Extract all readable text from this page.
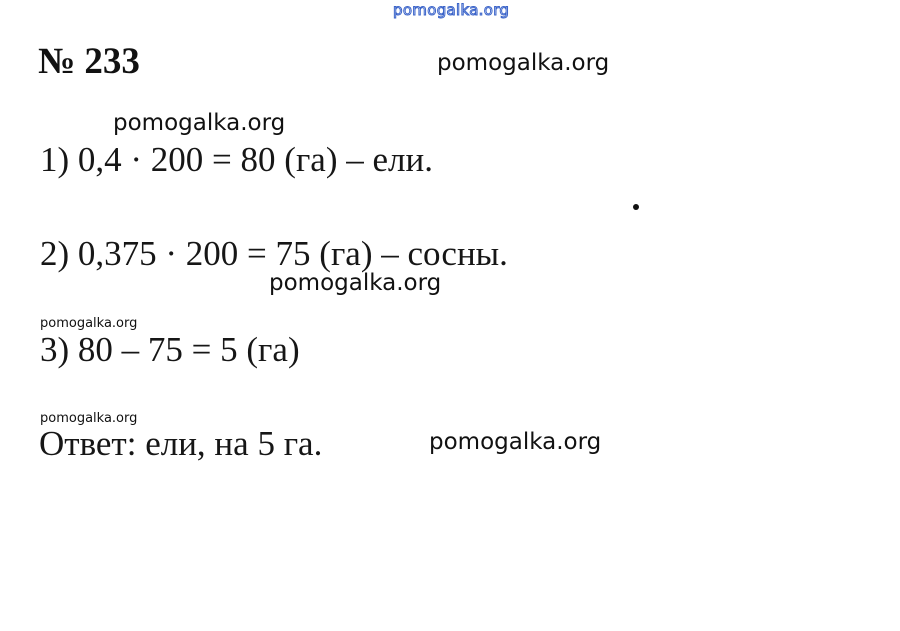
pomogalka.org
№ 233	pomogalka.org
pomogalka.org
1) 0,4 · 200 = 80 (га) – ели.
2) 0,375 · 200 = 75 (га) – сосны.
pomogalka.org
pomogalka.org
3) 80 – 75 = 5 (га)
pomogalka.org
Ответ: ели, на 5 га.	pomogalka.org
